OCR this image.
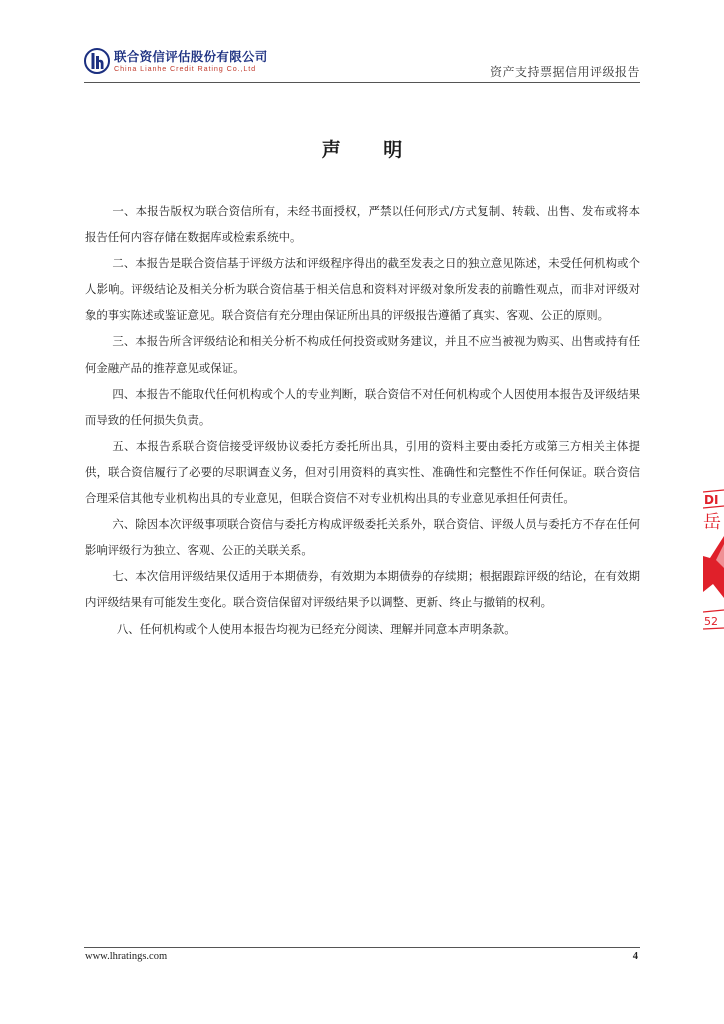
联合资信评估股份有限公司
China Lianhe Credit Rating Co.,Ltd	资产支持票据信用评级报告
声 明

一、本报告版权为联合资信所有，未经书面授权，严禁以任何形式/方式复制、转载、出售、发布或将本报告任何内容存储在数据库或检索系统中。

二、本报告是联合资信基于评级方法和评级程序得出的截至发表之日的独立意见陈述，未受任何机构或个人影响。评级结论及相关分析为联合资信基于相关信息和资料对评级对象所发表的前瞻性观点，而非对评级对象的事实陈述或鉴证意见。联合资信有充分理由保证所出具的评级报告遵循了真实、客观、公正的原则。

三、本报告所含评级结论和相关分析不构成任何投资或财务建议，并且不应当被视为购买、出售或持有任何金融产品的推荐意见或保证。

四、本报告不能取代任何机构或个人的专业判断，联合资信不对任何机构或个人因使用本报告及评级结果而导致的任何损失负责。

五、本报告系联合资信接受评级协议委托方委托所出具，引用的资料主要由委托方或第三方相关主体提供，联合资信履行了必要的尽职调查义务，但对引用资料的真实性、准确性和完整性不作任何保证。联合资信合理采信其他专业机构出具的专业意见，但联合资信不对专业机构出具的专业意见承担任何责任。

六、除因本次评级事项联合资信与委托方构成评级委托关系外，联合资信、评级人员与委托方不存在任何影响评级行为独立、客观、公正的关联关系。

七、本次信用评级结果仅适用于本期债券，有效期为本期债券的存续期；根据跟踪评级的结论，在有效期内评级结果有可能发生变化。联合资信保留对评级结果予以调整、更新、终止与撤销的权利。

八、任何机构或个人使用本报告均视为已经充分阅读、理解并同意本声明条款。

DI
岳
52
www.lhratings.com	4
